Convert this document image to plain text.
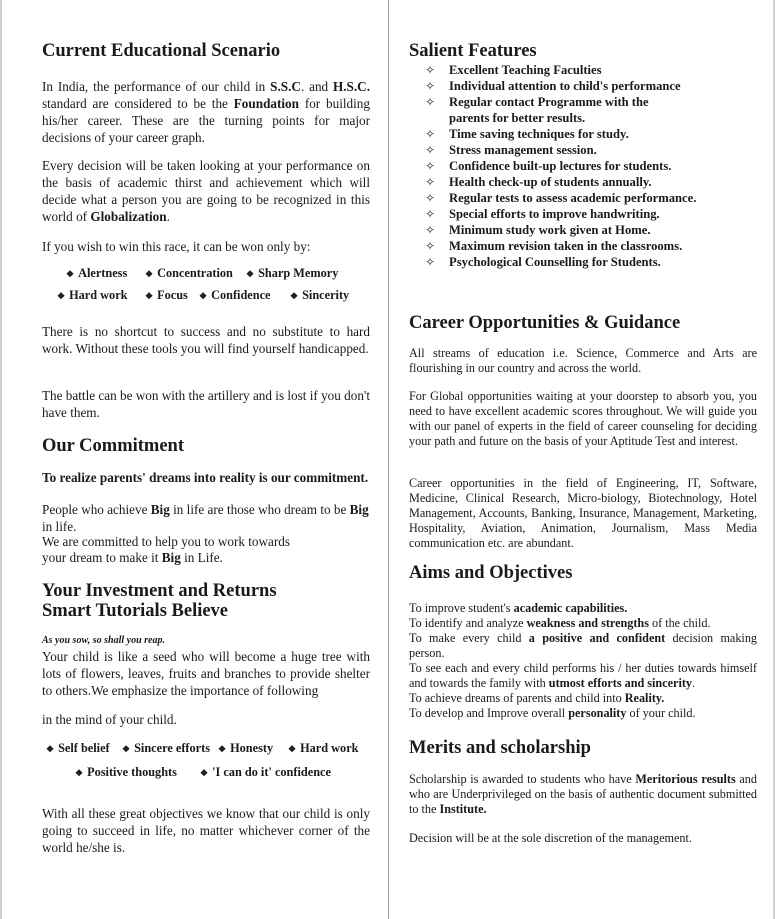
Current Educational Scenario

In India, the performance of our child in S.S.C. and H.S.C. standard are considered to be the Foundation for building his/her career. These are the turning points for major decisions of your career graph.

Every decision will be taken looking at your performance on the basis of academic thirst and achievement which will decide what a person you are going to be recognized in this world of Globalization.

If you wish to win this race, it can be won only by:

❖ Alertness ❖ Concentration ❖ Sharp Memory
❖ Hard work ❖ Focus ❖ Confidence ❖ Sincerity

There is no shortcut to success and no substitute to hard work. Without these tools you will find yourself handicapped.

The battle can be won with the artillery and is lost if you don't have them.

Our Commitment

To realize parents' dreams into reality is our commitment.

People who achieve Big in life are those who dream to be Big in life.

We are committed to help you to work towards

your dream to make it Big in Life.

Your Investment and Returns
Smart Tutorials Believe
As you sow, so shall you reap.

Your child is like a seed who will become a huge tree with lots of flowers, leaves, fruits and branches to provide shelter to others.We emphasize the importance of following

in the mind of your child.

❖ Self belief ❖ Sincere efforts ❖ Honesty ❖ Hard work
❖ Positive thoughts	❖ 'I can do it' confidence

With all these great objectives we know that our child is only going to succeed in life, no matter whichever corner of the world he/she is.

Salient Features
✧ Excellent Teaching Faculties
✧ Individual attention to child's performance
✧ Regular contact Programme with the parents for better results.
✧ Time saving techniques for study.
✧ Stress management session.
✧ Confidence built-up lectures for students.
✧ Health check-up of students annually.
✧ Regular tests to assess academic performance.
✧ Special efforts to improve handwriting.
✧ Minimum study work given at Home.
✧ Maximum revision taken in the classrooms.
✧ Psychological Counselling for Students.
Career Opportunities & Guidance

All streams of education i.e. Science, Commerce and Arts are flourishing in our country and across the world.

For Global opportunities waiting at your doorstep to absorb you, you need to have excellent academic scores throughout. We will guide you with our panel of experts in the field of career counseling for deciding your path and future on the basis of your Aptitude Test and interest.

Career opportunities in the field of Engineering, IT, Software, Medicine, Clinical Research, Micro-biology, Biotechnology, Hotel Management, Accounts, Banking, Insurance, Management, Marketing, Hospitality, Aviation, Animation, Journalism, Mass Media communication etc. are abundant.

Aims and Objectives

To improve student's academic capabilities.

To identify and analyze weakness and strengths of the child.

To make every child a positive and confident decision making person.

To see each and every child performs his / her duties towards himself and towards the family with utmost efforts and sincerity.

To achieve dreams of parents and child into Reality.

To develop and Improve overall personality of your child.

Merits and scholarship

Scholarship is awarded to students who have Meritorious results and who are Underprivileged on the basis of authentic document submitted to the Institute.

Decision will be at the sole discretion of the management.
